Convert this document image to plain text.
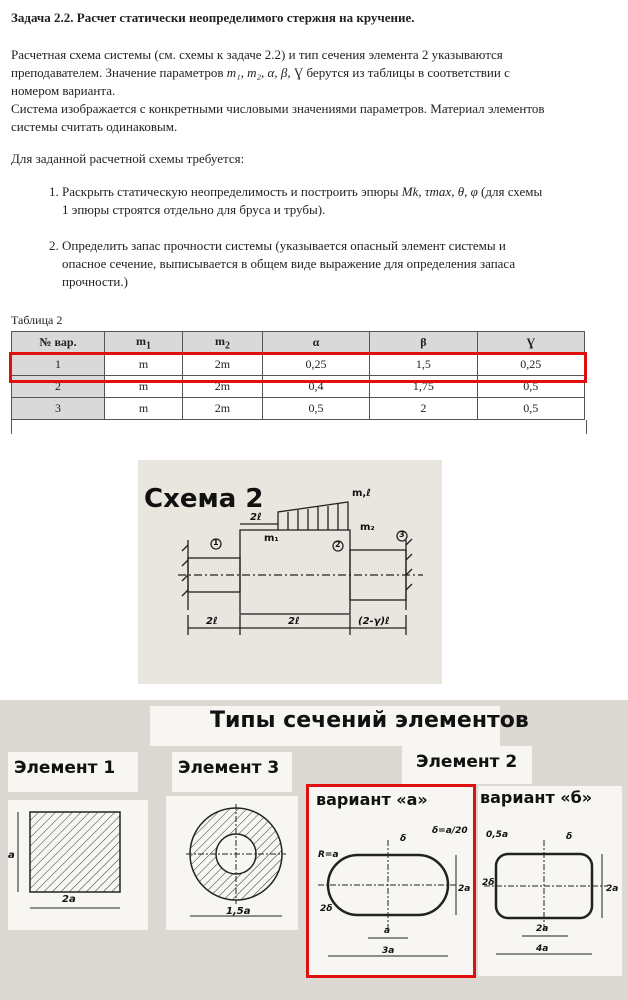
Задача 2.2. Расчет статически неопределимого стержня на кручение.
Расчетная схема системы (см. схемы к задаче 2.2) и тип сечения элемента 2 указываются
преподавателем. Значение параметров m₁, m₂, α, β, Ɣ берутся из таблицы в соответствии с
номером варианта.
Система изображается с конкретными числовыми значениями параметров. Материал элементов
системы считать одинаковым.
Для заданной расчетной схемы требуется:
1. Раскрыть статическую неопределимость и построить эпюры Mk, τmax, θ, φ (для схемы
1 эпюры строятся отдельно для бруса и трубы).
2. Определить запас прочности системы (указывается опасный элемент системы и
опасное сечение, выписывается в общем виде выражение для определения запаса
прочности.)
Таблица 2
№ вар.	$m_1$	$m_2$	α	β	Ɣ
1	m	2m	0,25	1,5	0,25
2	m	2m	0,4	1,75	0,5
3	m	2m	0,5	2	0,5
Схема 2
1	2
3
m₁
m₂
m,ℓ
2ℓ
2ℓ	2ℓ	(2-γ)ℓ
Типы сечений элементов
Элемент 1	Элемент 3	Элемент 2
2a
a
1,5a
вариант «а»
R=a
δ
δ=a/20
2δ
a
3a
2a
вариант «б»
0,5a	δ
2δ
2a
4a
2a
